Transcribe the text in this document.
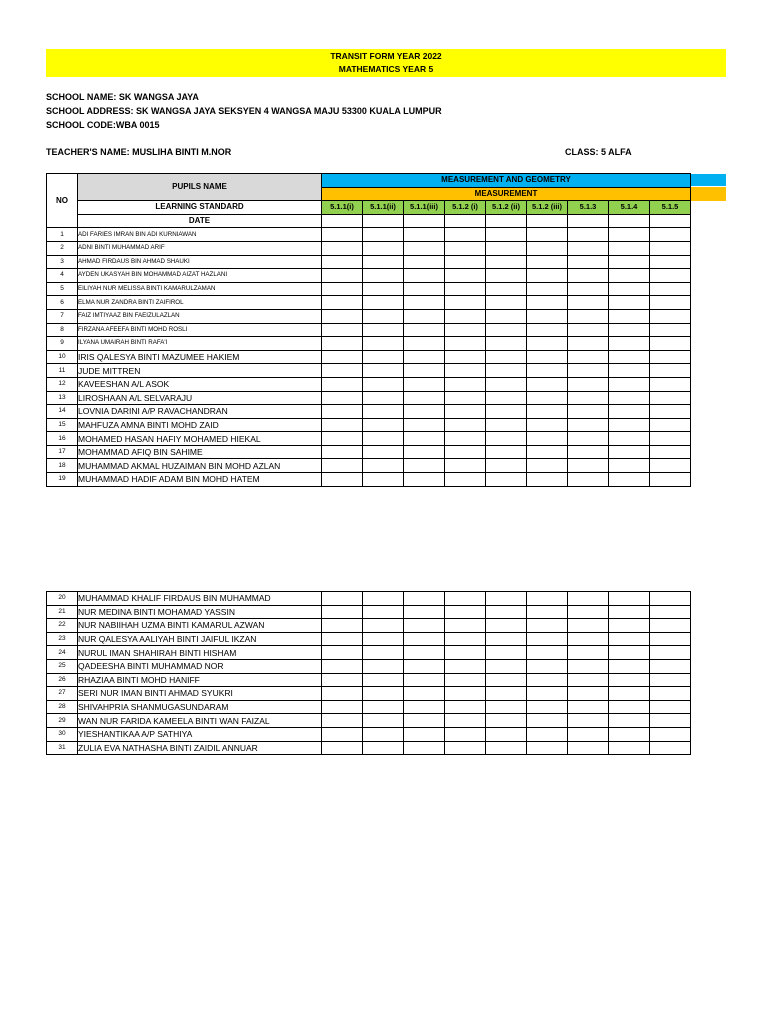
TRANSIT FORM YEAR 2022
MATHEMATICS YEAR 5
SCHOOL NAME: SK WANGSA JAYA
SCHOOL ADDRESS: SK WANGSA JAYA SEKSYEN 4 WANGSA MAJU 53300 KUALA LUMPUR
SCHOOL CODE:WBA 0015
TEACHER'S NAME: MUSLIHA BINTI M.NOR	CLASS: 5 ALFA
NO	PUPILS NAME	MEASUREMENT AND GEOMETRY								
		MEASUREMENT								
	LEARNING STANDARD	5.1.1(i)	5.1.1(ii)	5.1.1(iii)	5.1.2 (i)	5.1.2 (ii)	5.1.2 (iii)	5.1.3	5.1.4	5.1.5
	DATE									
1	ADI FARIES IMRAN BIN ADI KURNIAWAN									
2	ADNI BINTI MUHAMMAD ARIF									
3	AHMAD FIRDAUS BIN AHMAD SHAUKI									
4	AYDEN UKASYAH BIN MOHAMMAD AIZAT HAZLANI									
5	EILIYAH NUR MELISSA BINTI KAMARULZAMAN									
6	ELMA NUR ZANDRA BINTI ZAIFIROL									
7	FAIZ IMTIYAAZ BIN FAEIZULAZLAN									
8	FIRZANA AFEEFA BINTI MOHD ROSLI									
9	ILYANA UMAIRAH BINTI RAFA'I									
10	IRIS QALESYA BINTI MAZUMEE HAKIEM									
11	JUDE MITTREN									
12	KAVEESHAN A/L ASOK									
13	LIROSHAAN A/L SELVARAJU									
14	LOVNIA DARINI A/P RAVACHANDRAN									
15	MAHFUZA AMNA BINTI MOHD ZAID									
16	MOHAMED HASAN HAFIY MOHAMED HIEKAL									
17	MOHAMMAD AFIQ BIN SAHIME									
18	MUHAMMAD AKMAL HUZAIMAN BIN MOHD AZLAN									
19	MUHAMMAD HADIF ADAM BIN MOHD HATEM									
20	MUHAMMAD KHALIF FIRDAUS BIN MUHAMMAD									
21	NUR MEDINA BINTI MOHAMAD YASSIN									
22	NUR NABIIHAH UZMA BINTI KAMARUL AZWAN									
23	NUR QALESYA AALIYAH BINTI JAIFUL IKZAN									
24	NURUL IMAN SHAHIRAH BINTI HISHAM									
25	QADEESHA BINTI MUHAMMAD NOR									
26	RHAZIAA BINTI MOHD HANIFF									
27	SERI NUR IMAN BINTI AHMAD SYUKRI									
28	SHIVAHPRIA SHANMUGASUNDARAM									
29	WAN NUR FARIDA KAMEELA BINTI WAN FAIZAL									
30	YIESHANTIKAA A/P SATHIYA									
31	ZULIA EVA NATHASHA BINTI ZAIDIL ANNUAR									
